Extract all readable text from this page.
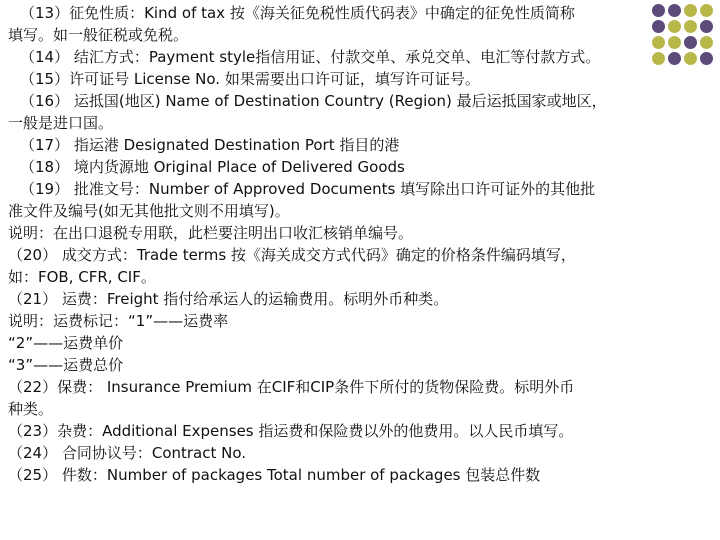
（13）征免性质：Kind of tax 按《海关征免税性质代码表》中确定的征免性质简称
填写。如一般征税或免税。
（14） 结汇方式：Payment style指信用证、付款交单、承兑交单、电汇等付款方式。
（15）许可证号 License No. 如果需要出口许可证，填写许可证号。
（16） 运抵国(地区) Name of Destination Country (Region) 最后运抵国家或地区，
一般是进口国。
（17） 指运港 Designated Destination Port 指目的港
（18） 境内货源地 Original Place of Delivered Goods
（19） 批准文号：Number of Approved Documents 填写除出口许可证外的其他批
准文件及编号(如无其他批文则不用填写)。
说明：在出口退税专用联，此栏要注明出口收汇核销单编号。
（20） 成交方式：Trade terms 按《海关成交方式代码》确定的价格条件编码填写，
如：FOB, CFR, CIF。
（21） 运费：Freight 指付给承运人的运输费用。标明外币种类。
说明：运费标记：“1”——运费率
“2”——运费单价
“3”——运费总价
（22）保费： Insurance Premium 在CIF和CIP条件下所付的货物保险费。标明外币
种类。
（23）杂费：Additional Expenses 指运费和保险费以外的他费用。以人民币填写。
（24） 合同协议号：Contract No.
（25） 件数：Number of packages Total number of packages 包装总件数
